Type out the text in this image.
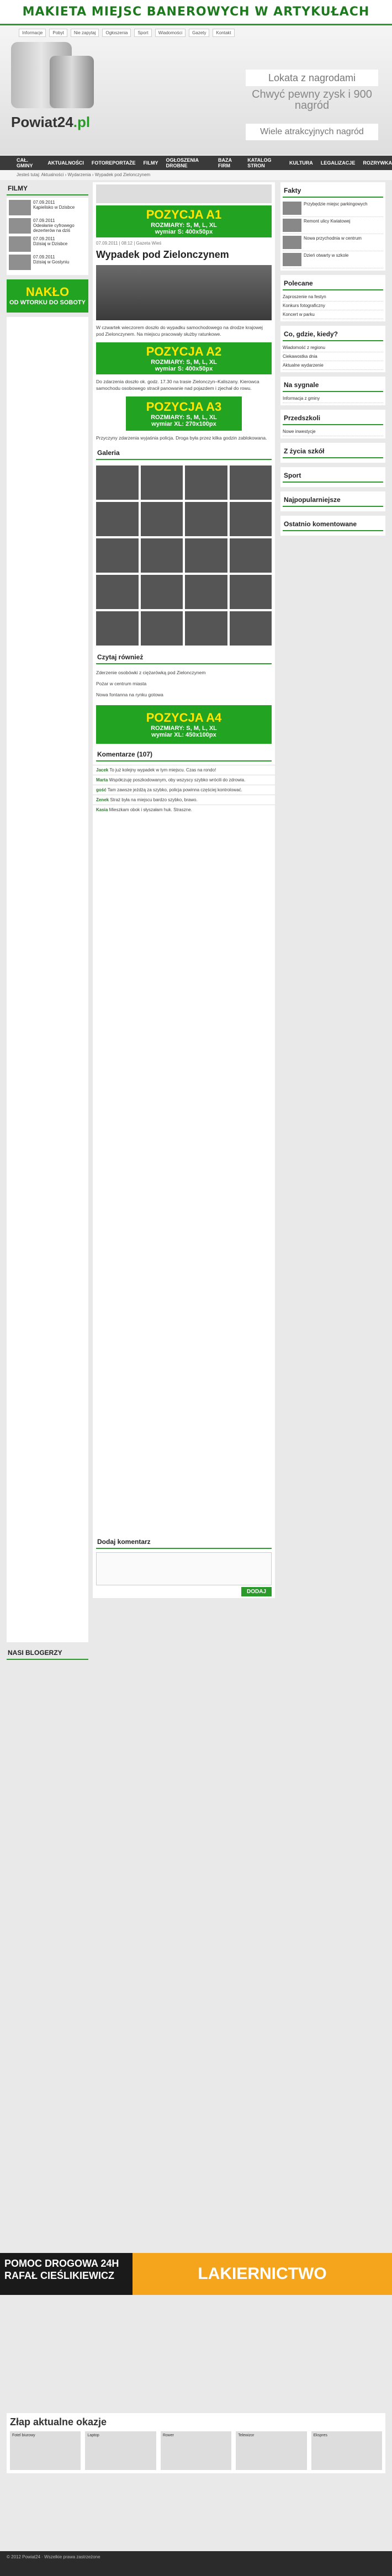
MAKIETA MIEJSC BANEROWYCH W ARTYKUŁACH
Informacje	Pobyt	Nie zapytaj	Ogłoszenia	Sport	Wiadomości	Gazety	Kontakt
Powiat24.pl
Lokata z nagrodami
Chwyć pewny zysk i 900 nagród
Wiele atrakcyjnych nagród
CAŁ. GMINY	AKTUALNOŚCI FOTOREPORTAŻE FILMY OGŁOSZENIA DROBNE
BAZA FIRM
KATALOG STRON	KULTURA LEGALIZACJE ROZRYWKA
Jesteś tutaj: Aktualności › Wydarzenia › Wypadek pod Zielonczynem
FILMY
07.09.2011
Kąpielisko w Dzisbce
07.09.2011
Odesłanie cyfrowego dezerterów na dziś
07.09.2011
Dzisiaj w Dzisbce
07.09.2011
Dzisiaj w Gostyniu
NAKŁO
OD WTORKU DO SOBOTY
NASI BLOGERZY
POZYCJA A1
ROZMIARY: S, M, L, XL
wymiar S: 400x50px
07.09.2011 | 08:12 | Gazeta Wieś
Wypadek pod Zielonczynem
W czwartek wieczorem doszło do wypadku samochodowego na drodze krajowej pod Zielonczynem. Na miejscu pracowały służby ratunkowe.
POZYCJA A2
ROZMIARY: S, M, L, XL
wymiar S: 400x50px
Do zdarzenia doszło ok. godz. 17.30 na trasie Zielonczyn–Kaliszany. Kierowca samochodu osobowego stracił panowanie nad pojazdem i zjechał do rowu.
POZYCJA A3
ROZMIARY: S, M, L, XL
wymiar XL: 270x100px
Przyczyny zdarzenia wyjaśnia policja. Droga była przez kilka godzin zablokowana.
Galeria
Czytaj również
Zderzenie osobówki z ciężarówką pod Zielonczynem
Pożar w centrum miasta
Nowa fontanna na rynku gotowa
POZYCJA A4
ROZMIARY: S, M, L, XL
wymiar XL: 450x100px
Komentarze (107)
Jacek To już kolejny wypadek w tym miejscu. Czas na rondo!
Marta Współczuję poszkodowanym, oby wszyscy szybko wrócili do zdrowia.
gość Tam zawsze jeżdżą za szybko, policja powinna częściej kontrolować.
Zenek Straż była na miejscu bardzo szybko, brawo.
Kasia Mieszkam obok i słyszałam huk. Straszne.
Dodaj komentarz
DODAJ
Fakty
Przybędzie miejsc parkingowych
Remont ulicy Kwiatowej
Nowa przychodnia w centrum
Dzień otwarty w szkole
Polecane
Zaproszenie na festyn
Konkurs fotograficzny
Koncert w parku
Co, gdzie, kiedy?
Wiadomość z regionu
Ciekawostka dnia
Aktualne wydarzenie
Na sygnale
Informacja z gminy
Przedszkoli
Nowe inwestycje
Z życia szkół
Sport
Najpopularniejsze
Ostatnio komentowane
POMOC DROGOWA 24H RAFAŁ CIEŚLIKIEWICZ	LAKIERNICTWO
Złap aktualne okazje
Fotel biurowy	Laptop	Rower	Telewizor	Ekspres
© 2012 Powiat24 · Wszelkie prawa zastrzeżone
